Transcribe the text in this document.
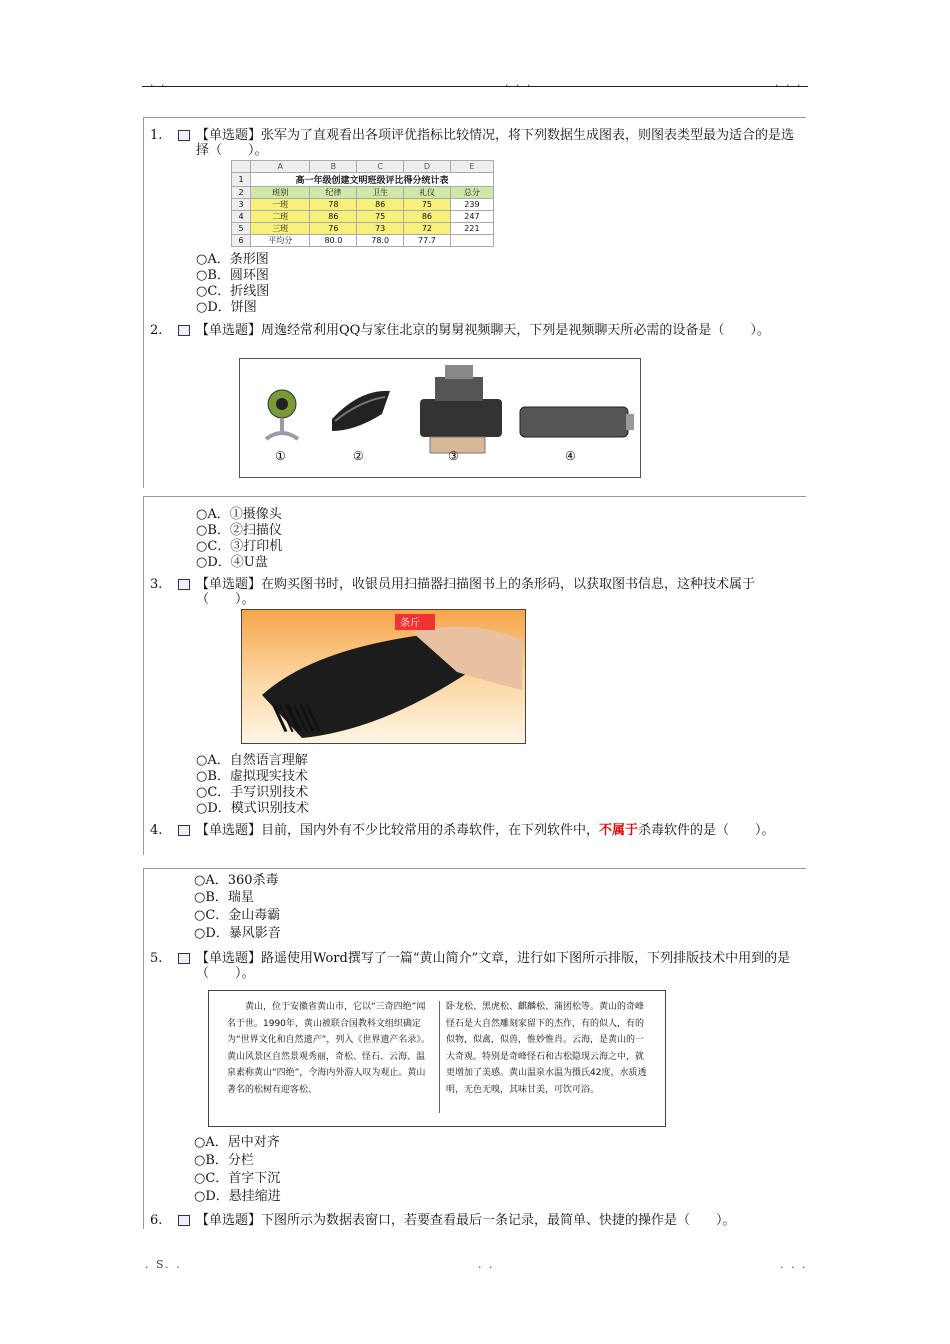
. .	. . .	. . .
1.	【单选题】张军为了直观看出各项评优指标比较情况，将下列数据生成图表，则图表类型最为适合的是选择（　　）。
	A	B	C	D	E
1	高一年级创建文明班级评比得分统计表				
2	班别	纪律	卫生	礼仪	总分
3	一班	78	86	75	239
4	二班	86	75	86	247
5	三班	76	73	72	221
6	平均分	80.0	78.0	77.7	
○A．条形图
○B．圆环图
○C．折线图
○D．饼图
2.	【单选题】周逸经常利用QQ与家住北京的舅舅视频聊天，下列是视频聊天所必需的设备是（　　）。
①	②	③	④
○A．①摄像头
○B．②扫描仪
○C．③打印机
○D．④U盘
3.	【单选题】在购买图书时，收银员用扫描器扫描图书上的条形码，以获取图书信息，这种技术属于（　　）。
条斤
○A．自然语言理解
○B．虚拟现实技术
○C．手写识别技术
○D．模式识别技术
4.	【单选题】目前，国内外有不少比较常用的杀毒软件，在下列软件中，不属于杀毒软件的是（　　）。
○A．360杀毒
○B．瑞星
○C．金山毒霸
○D．暴风影音
5.	【单选题】路遥使用Word撰写了一篇“黄山简介”文章，进行如下图所示排版，下列排版技术中用到的是（　　）。
　　黄山，位于安徽省黄山市，它以“三奇四绝”闻名于世。1990年，黄山被联合国教科文组织确定为“世界文化和自然遗产”，列入《世界遗产名录》。　　黄山风景区自然景观秀丽，奇松、怪石、云海、温泉素称黄山“四绝”，令海内外游人叹为观止。黄山著名的松树有迎客松、
卧龙松、黑虎松、麒麟松、蒲团松等。黄山的奇峰怪石是大自然雕刻家留下的杰作，有的似人，有的似物，似禽，似兽，惟妙惟肖。云海，是黄山的一大奇观。特别是奇峰怪石和古松隐现云海之中，就更增加了美感。黄山温泉水温为摄氏42度，水质透明，无色无嗅，其味甘美，可饮可浴。
○A．居中对齐
○B．分栏
○C．首字下沉
○D．悬挂缩进
6.	【单选题】下图所示为数据表窗口，若要查看最后一条记录，最简单、快捷的操作是（　　）。
. S. .	. .	. . .
